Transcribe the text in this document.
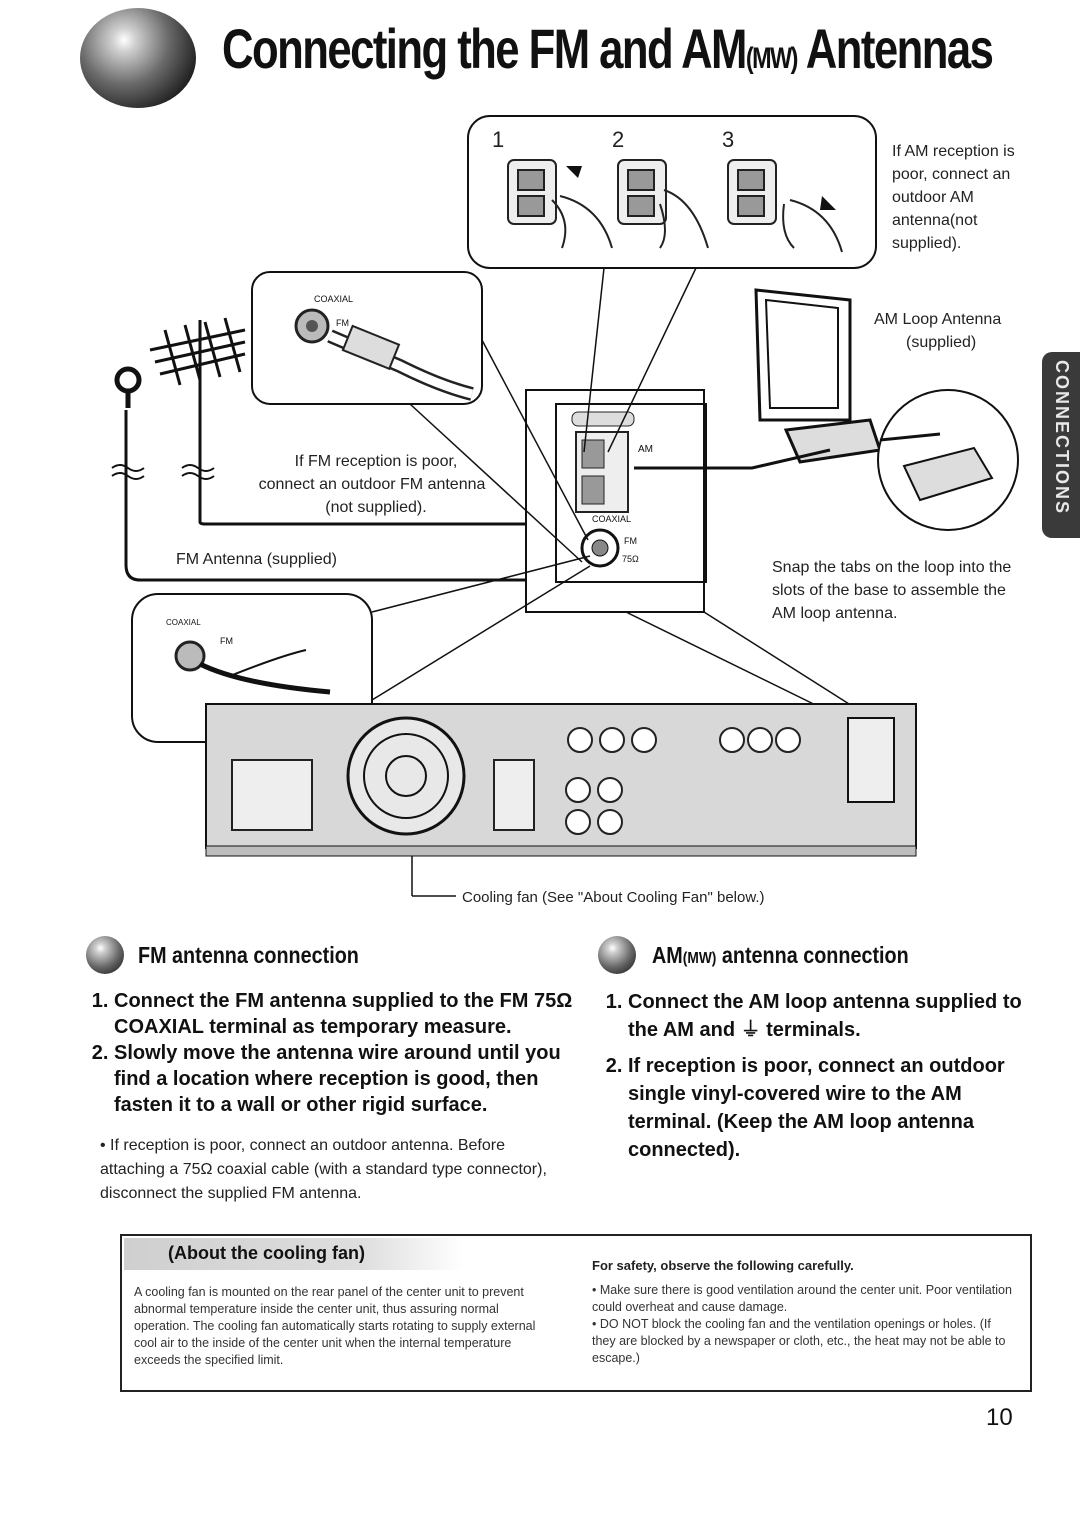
Connecting the FM and AM(MW) Antennas
CONNECTIONS
1	2	3	If AM reception is
poor, connect an
outdoor AM
antenna(not
supplied).
AM Loop Antenna
(supplied)
COAXIAL
FM
If FM reception is poor,
connect an outdoor FM antenna
(not supplied).
FM Antenna (supplied)
AM
COAXIAL
FM
75Ω
COAXIAL
FM
Snap the tabs on the loop into the
slots of the base to assemble the
AM loop antenna.
Cooling fan (See "About Cooling Fan" below.)
FM antenna connection
1. Connect the FM antenna supplied to the FM 75Ω COAXIAL terminal as temporary measure.
2. Slowly move the antenna wire around until you find a location where reception is good, then fasten it to a wall or other rigid surface.
• If reception is poor, connect an outdoor antenna. Before attaching a 75Ω coaxial cable (with a standard type connector), disconnect the supplied FM antenna.
AM(MW) antenna connection
1. Connect the AM loop antenna supplied to the AM and ⏚ terminals.
2. If reception is poor, connect an outdoor single vinyl-covered wire to the AM terminal. (Keep the AM loop antenna connected).
(About the cooling fan)
A cooling fan is mounted on the rear panel of the center unit to prevent abnormal temperature inside the center unit, thus assuring normal operation. The cooling fan automatically starts rotating to supply external cool air to the inside of the center unit when the internal temperature exceeds the specified limit.
For safety, observe the following carefully.
• Make sure there is good ventilation around the center unit. Poor ventilation could overheat and cause damage.
• DO NOT block the cooling fan and the ventilation openings or holes. (If they are blocked by a newspaper or cloth, etc., the heat may not be able to escape.)
10
